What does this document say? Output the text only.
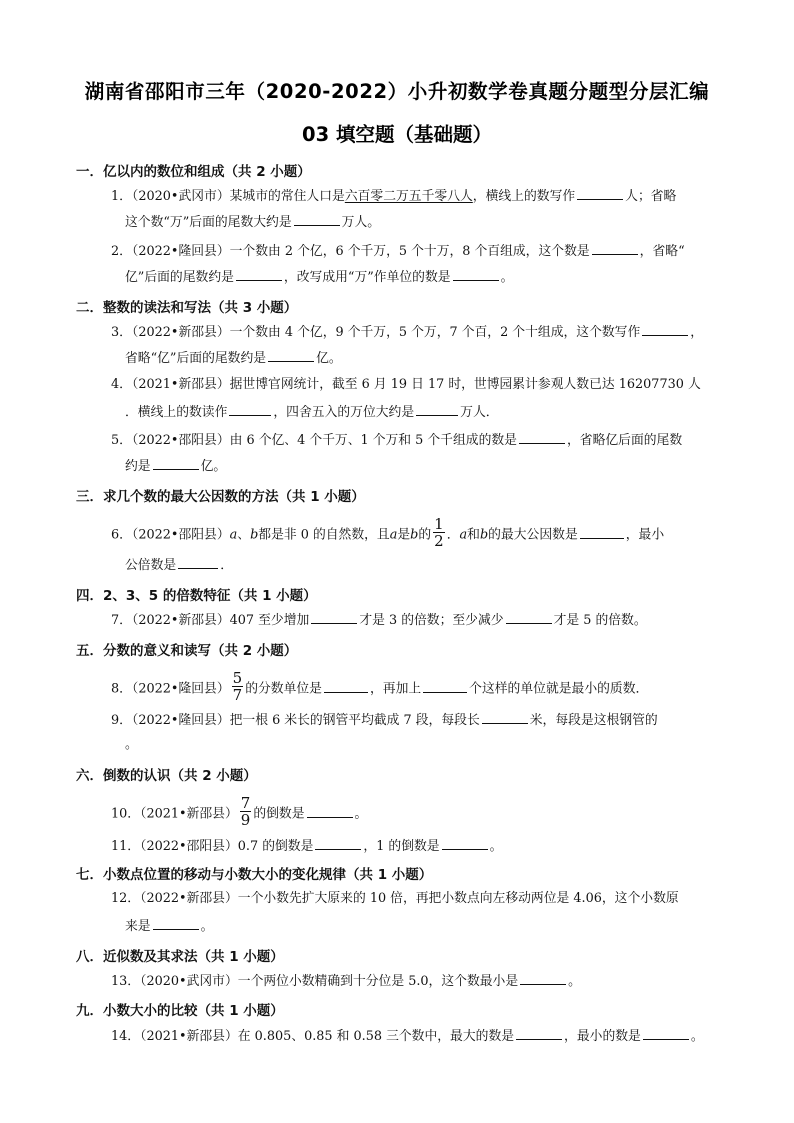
湖南省邵阳市三年（2020-2022）小升初数学卷真题分题型分层汇编
03 填空题（基础题）
一．亿以内的数位和组成（共 2 小题）
1．（2020•武冈市）某城市的常住人口是六百零二万五千零八人，横线上的数写作	人；省略
这个数“万”后面的尾数大约是	万人。
2．（2022•隆回县）一个数由 2 个亿，6 个千万，5 个十万，8 个百组成，这个数是	，省略“
亿”后面的尾数约是	，改写成用“万”作单位的数是	。
二．整数的读法和写法（共 3 小题）
3．（2022•新邵县）一个数由 4 个亿，9 个千万，5 个万，7 个百，2 个十组成，这个数写作	，
省略“亿”后面的尾数约是	亿。
4．（2021•新邵县）据世博官网统计，截至 6 月 19 日 17 时，世博园累计参观人数已达 16207730 人
．横线上的数读作	，四舍五入的万位大约是	万人．
5．（2022•邵阳县）由 6 个亿、4 个千万、1 个万和 5 个千组成的数是	，省略亿后面的尾数
约是	亿。
三．求几个数的最大公因数的方法（共 1 小题）
6．（2022•邵阳县）a、b都是非 0 的自然数，且a是b的 $\frac{1}{2}$ ．a和b的最大公因数是	，最小
公倍数是	．
四．2、3、5 的倍数特征（共 1 小题）
7．（2022•新邵县）407 至少增加	才是 3 的倍数；至少减少	才是 5 的倍数。
五．分数的意义和读写（共 2 小题）
8．（2022•隆回县） $\frac{5}{7}$ 的分数单位是	，再加上	个这样的单位就是最小的质数．
9．（2022•隆回县）把一根 6 米长的钢管平均截成 7 段，每段长	米，每段是这根钢管的
。
六．倒数的认识（共 2 小题）
10．（2021•新邵县） $\frac{7}{9}$ 的倒数是	。
11．（2022•邵阳县）0.7 的倒数是	，1 的倒数是	。
七．小数点位置的移动与小数大小的变化规律（共 1 小题）
12．（2022•新邵县）一个小数先扩大原来的 10 倍，再把小数点向左移动两位是 4.06，这个小数原
来是	。
八．近似数及其求法（共 1 小题）
13．（2020•武冈市）一个两位小数精确到十分位是 5.0，这个数最小是	。
九．小数大小的比较（共 1 小题）
14．（2021•新邵县）在 0.805、0.85 和 0.58 三个数中，最大的数是	，最小的数是	。
